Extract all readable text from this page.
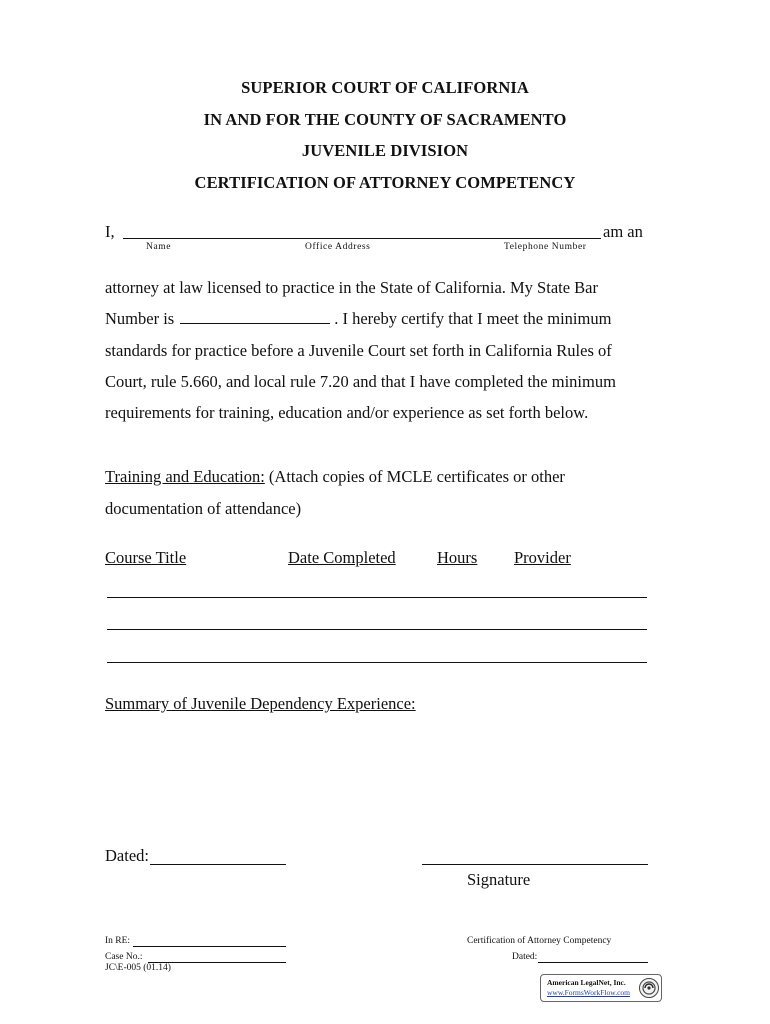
SUPERIOR COURT OF CALIFORNIA
IN AND FOR THE COUNTY OF SACRAMENTO
JUVENILE DIVISION
CERTIFICATION OF ATTORNEY COMPETENCY
I,	am an
Name	Office Address	Telephone Number
attorney at law licensed to practice in the State of California. My State Bar
Number is	. I hereby certify that I meet the minimum
standards for practice before a Juvenile Court set forth in California Rules of
Court, rule 5.660, and local rule 7.20 and that I have completed the minimum
requirements for training, education and/or experience as set forth below.
Training and Education: (Attach copies of MCLE certificates or other
documentation of attendance)
Course Title	Date Completed	Hours Provider
Summary of Juvenile Dependency Experience:
Dated:
Signature
In RE:
Case No.:
JC\E-005 (01.14)
Certification of Attorney Competency
Dated:
American LegalNet, Inc.
www.FormsWorkFlow.com
